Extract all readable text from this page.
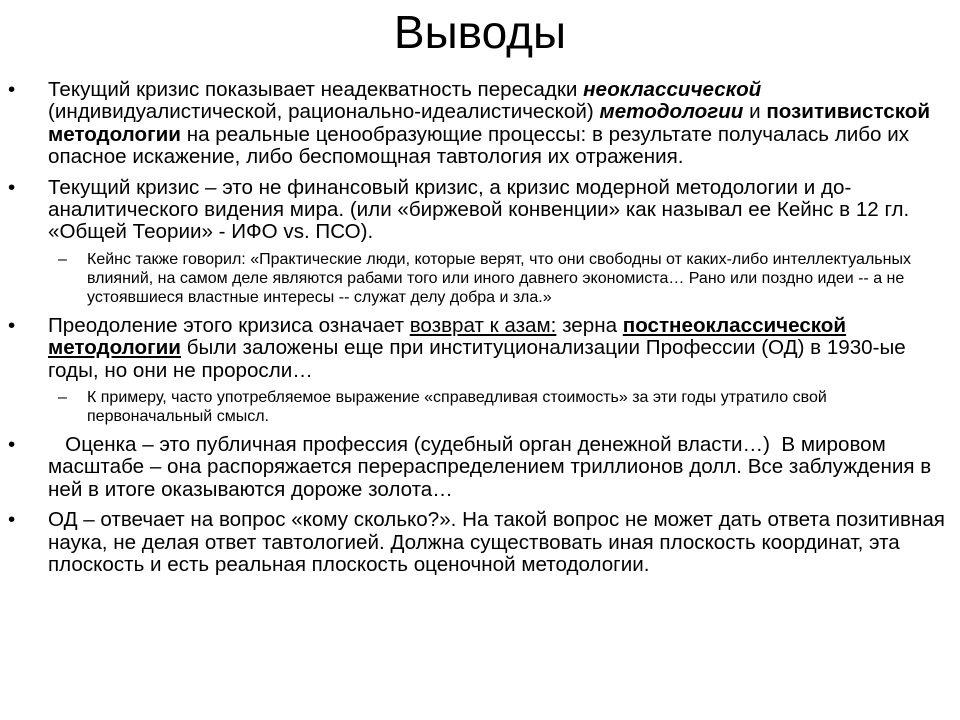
Выводы
• Текущий кризис показывает неадекватность пересадки неоклассической (индивидуалистической, рационально-идеалистической) методологии и позитивистской методологии на реальные ценообразующие процессы: в результате получалась либо их опасное искажение, либо беспомощная тавтология их отражения.
• Текущий кризис – это не финансовый кризис, а кризис модерной методологии и до-аналитического видения мира. (или «биржевой конвенции» как называл ее Кейнс в 12 гл. «Общей Теории» - ИФО vs. ПСО).
– Кейнс также говорил: «Практические люди, которые верят, что они свободны от каких-либо интеллектуальных влияний, на самом деле являются рабами того или иного давнего экономиста… Рано или поздно идеи -- а не устоявшиеся властные интересы -- служат делу добра и зла.»
• Преодоление этого кризиса означает возврат к азам: зерна постнеоклассической методологии были заложены еще при институционализации Профессии (ОД) в 1930-ые годы, но они не проросли…
– К примеру, часто употребляемое выражение «справедливая стоимость» за эти годы утратило свой первоначальный смысл.
• Оценка – это публичная профессия (судебный орган денежной власти…)  В мировом масштабе – она распоряжается перераспределением триллионов долл. Все заблуждения в ней в итоге оказываются дороже золота…
• ОД – отвечает на вопрос «кому сколько?». На такой вопрос не может дать ответа позитивная наука, не делая ответ тавтологией. Должна существовать иная плоскость координат, эта плоскость и есть реальная плоскость оценочной методологии.
